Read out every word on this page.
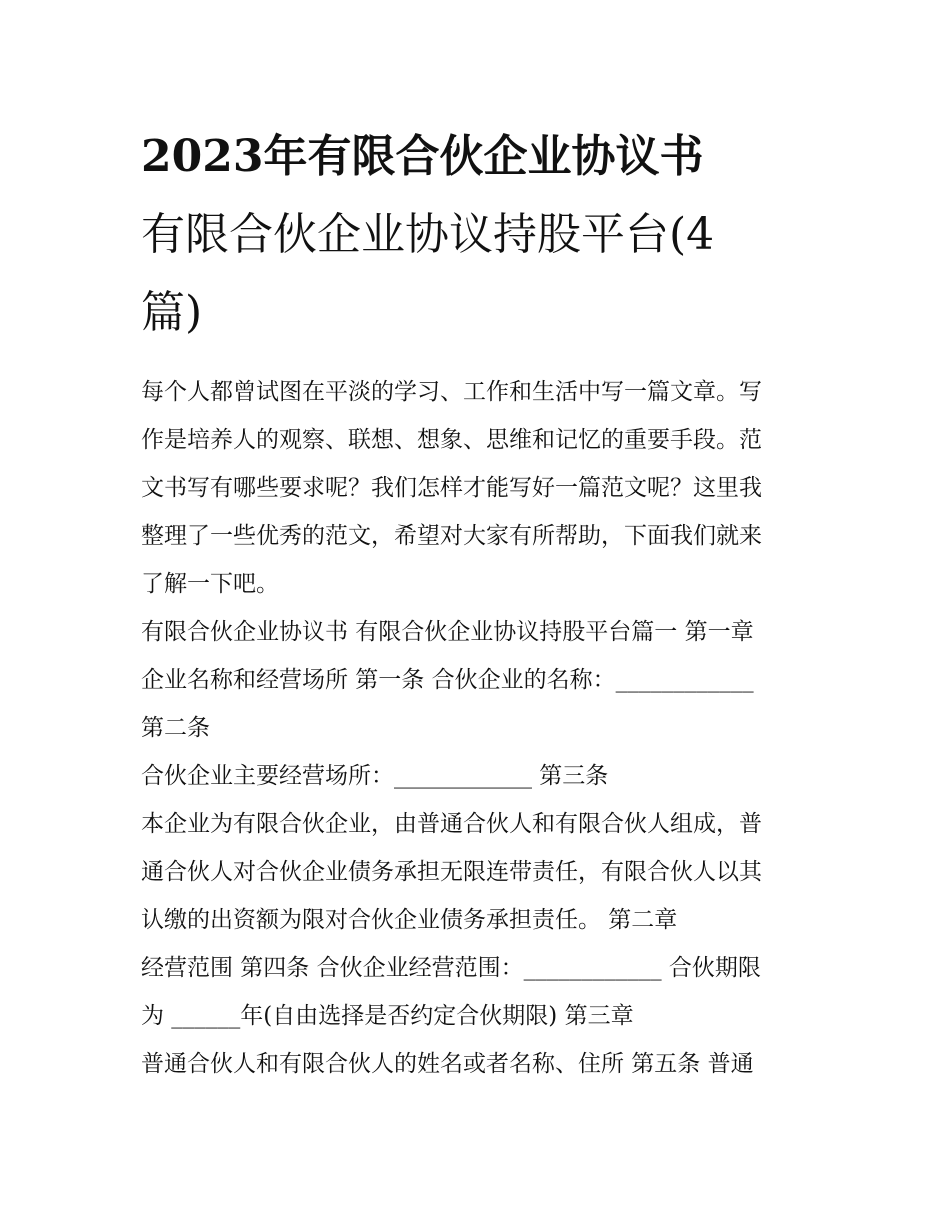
2023年有限合伙企业协议书
有限合伙企业协议持股平台(4
篇)

每个人都曾试图在平淡的学习、工作和生活中写一篇文章。写
作是培养人的观察、联想、想象、思维和记忆的重要手段。范
文书写有哪些要求呢？我们怎样才能写好一篇范文呢？这里我
整理了一些优秀的范文，希望对大家有所帮助，下面我们就来
了解一下吧。

有限合伙企业协议书 有限合伙企业协议持股平台篇一 第一章
企业名称和经营场所 第一条 合伙企业的名称：____________
第二条

合伙企业主要经营场所：____________ 第三条

本企业为有限合伙企业，由普通合伙人和有限合伙人组成，普
通合伙人对合伙企业债务承担无限连带责任，有限合伙人以其
认缴的出资额为限对合伙企业债务承担责任。 第二章

经营范围 第四条 合伙企业经营范围：____________ 合伙期限
为 ______年(自由选择是否约定合伙期限) 第三章

普通合伙人和有限合伙人的姓名或者名称、住所 第五条 普通
